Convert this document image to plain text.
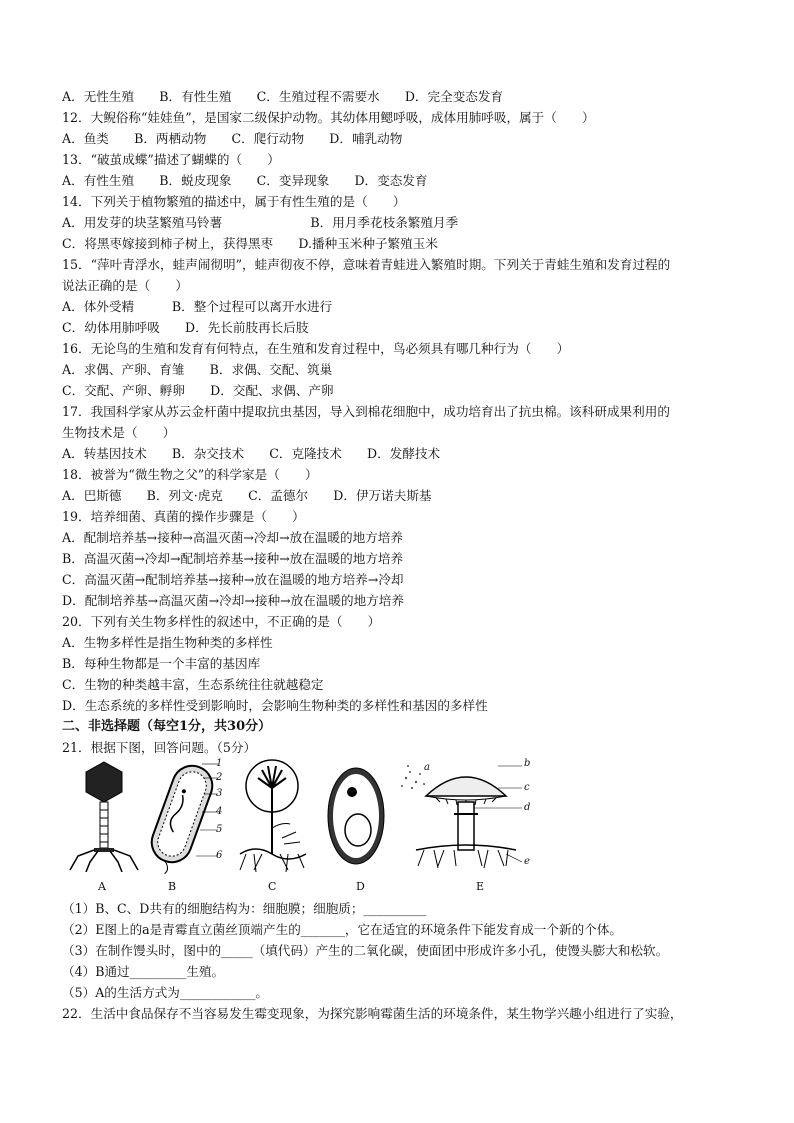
A．无性生殖　　B．有性生殖　　C．生殖过程不需要水　　D．完全变态发育
12．大鲵俗称“娃娃鱼”，是国家二级保护动物。其幼体用鳃呼吸，成体用肺呼吸，属于（　　）
A．鱼类　　B．两栖动物　　C．爬行动物　　D．哺乳动物
13．“破茧成蝶”描述了蝴蝶的（　　）
A．有性生殖　　B．蜕皮现象　　C．变异现象　　D．变态发育
14．下列关于植物繁殖的描述中，属于有性生殖的是（　　）
A．用发芽的块茎繁殖马铃薯　　　　　　　B．用月季花枝条繁殖月季
C．将黑枣嫁接到柿子树上，获得黑枣　　D.播种玉米种子繁殖玉米
15．“萍叶青浮水，蛙声闹彻明”，蛙声彻夜不停，意味着青蛙进入繁殖时期。下列关于青蛙生殖和发育过程的
说法正确的是（　　）
A．体外受精　　　B．整个过程可以离开水进行
C．幼体用肺呼吸　　D．先长前肢再长后肢
16．无论鸟的生殖和发育有何特点，在生殖和发育过程中，鸟必须具有哪几种行为（　　）
A．求偶、产卵、育雏　　B．求偶、交配、筑巢
C．交配、产卵、孵卵　　D．交配、求偶、产卵
17．我国科学家从苏云金杆菌中提取抗虫基因，导入到棉花细胞中，成功培育出了抗虫棉。该科研成果利用的
生物技术是（　　）
A．转基因技术　　B．杂交技术　　C．克隆技术　　D．发酵技术
18．被誉为“微生物之父”的科学家是（　　）
A．巴斯德　　B．列文·虎克　　C．孟德尔　　D．伊万诺夫斯基
19．培养细菌、真菌的操作步骤是（　　）
A．配制培养基→接种→高温灭菌→冷却→放在温暖的地方培养
B．高温灭菌→冷却→配制培养基→接种→放在温暖的地方培养
C．高温灭菌→配制培养基→接种→放在温暖的地方培养→冷却
D．配制培养基→高温灭菌→冷却→接种→放在温暖的地方培养
20．下列有关生物多样性的叙述中，不正确的是（　　）
A．生物多样性是指生物种类的多样性
B．每种生物都是一个丰富的基因库
C．生物的种类越丰富，生态系统往往就越稳定
D．生态系统的多样性受到影响时，会影响生物种类的多样性和基因的多样性
二、非选择题（每空1分，共30分）
21．根据下图，回答问题。（5分）
1
2
3
4
5
6
a	b
c
d
e
A	B	C	D	E
（1）B、C、D共有的细胞结构为：细胞膜；细胞质；__________
（2）E图上的a是青霉直立菌丝顶端产生的_______，它在适宜的环境条件下能发育成一个新的个体。
（3）在制作馒头时，图中的_____（填代码）产生的二氧化碳，使面团中形成许多小孔，使馒头膨大和松软。
（4）B通过_________生殖。
（5）A的生活方式为____________。
22．生活中食品保存不当容易发生霉变现象，为探究影响霉菌生活的环境条件，某生物学兴趣小组进行了实验，
